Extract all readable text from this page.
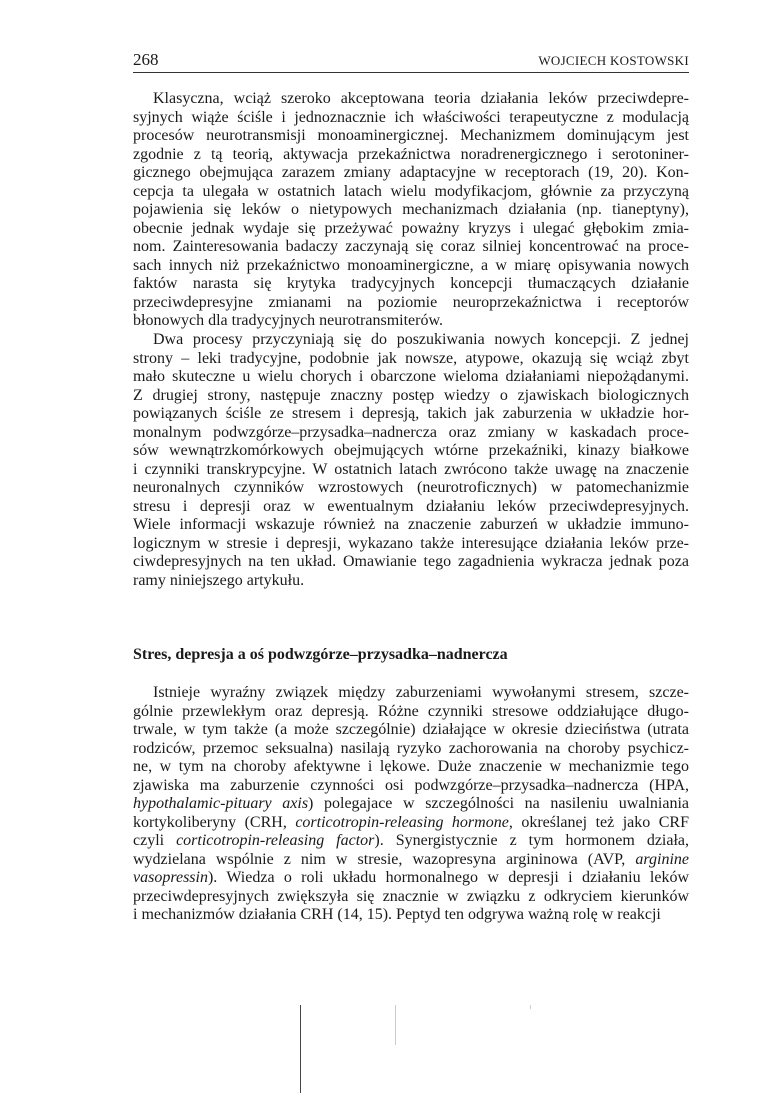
268	WOJCIECH KOSTOWSKI
Klasyczna, wciąż szeroko akceptowana teoria działania leków przeciwdepre-
syjnych wiąże ściśle i jednoznacznie ich właściwości terapeutyczne z modulacją
procesów neurotransmisji monoaminergicznej. Mechanizmem dominującym jest
zgodnie z tą teorią, aktywacja przekaźnictwa noradrenergicznego i serotoniner-
gicznego obejmująca zarazem zmiany adaptacyjne w receptorach (19, 20). Kon-
cepcja ta ulegała w ostatnich latach wielu modyfikacjom, głównie za przyczyną
pojawienia się leków o nietypowych mechanizmach działania (np. tianeptyny),
obecnie jednak wydaje się przeżywać poważny kryzys i ulegać głębokim zmia-
nom. Zainteresowania badaczy zaczynają się coraz silniej koncentrować na proce-
sach innych niż przekaźnictwo monoaminergiczne, a w miarę opisywania nowych
faktów narasta się krytyka tradycyjnych koncepcji tłumaczących działanie
przeciwdepresyjne zmianami na poziomie neuroprzekaźnictwa i receptorów
błonowych dla tradycyjnych neurotransmiterów.
Dwa procesy przyczyniają się do poszukiwania nowych koncepcji. Z jednej
strony – leki tradycyjne, podobnie jak nowsze, atypowe, okazują się wciąż zbyt
mało skuteczne u wielu chorych i obarczone wieloma działaniami niepożądanymi.
Z drugiej strony, następuje znaczny postęp wiedzy o zjawiskach biologicznych
powiązanych ściśle ze stresem i depresją, takich jak zaburzenia w układzie hor-
monalnym podwzgórze–przysadka–nadnercza oraz zmiany w kaskadach proce-
sów wewnątrzkomórkowych obejmujących wtórne przekaźniki, kinazy białkowe
i czynniki transkrypcyjne. W ostatnich latach zwrócono także uwagę na znaczenie
neuronalnych czynników wzrostowych (neurotroficznych) w patomechanizmie
stresu i depresji oraz w ewentualnym działaniu leków przeciwdepresyjnych.
Wiele informacji wskazuje również na znaczenie zaburzeń w układzie immuno-
logicznym w stresie i depresji, wykazano także interesujące działania leków prze-
ciwdepresyjnych na ten układ. Omawianie tego zagadnienia wykracza jednak poza
ramy niniejszego artykułu.
Stres, depresja a oś podwzgórze–przysadka–nadnercza
Istnieje wyraźny związek między zaburzeniami wywołanymi stresem, szcze-
gólnie przewlekłym oraz depresją. Różne czynniki stresowe oddziałujące długo-
trwale, w tym także (a może szczególnie) działające w okresie dzieciństwa (utrata
rodziców, przemoc seksualna) nasilają ryzyko zachorowania na choroby psychicz-
ne, w tym na choroby afektywne i lękowe. Duże znaczenie w mechanizmie tego
zjawiska ma zaburzenie czynności osi podwzgórze–przysadka–nadnercza (HPA,
hypothalamic-pituary axis) polegajace w szczególności na nasileniu uwalniania
kortykoliberyny (CRH, corticotropin-releasing hormone, określanej też jako CRF
czyli corticotropin-releasing factor). Synergistycznie z tym hormonem działa,
wydzielana wspólnie z nim w stresie, wazopresyna argininowa (AVP, arginine
vasopressin). Wiedza o roli układu hormonalnego w depresji i działaniu leków
przeciwdepresyjnych zwiększyła się znacznie w związku z odkryciem kierunków
i mechanizmów działania CRH (14, 15). Peptyd ten odgrywa ważną rolę w reakcji
